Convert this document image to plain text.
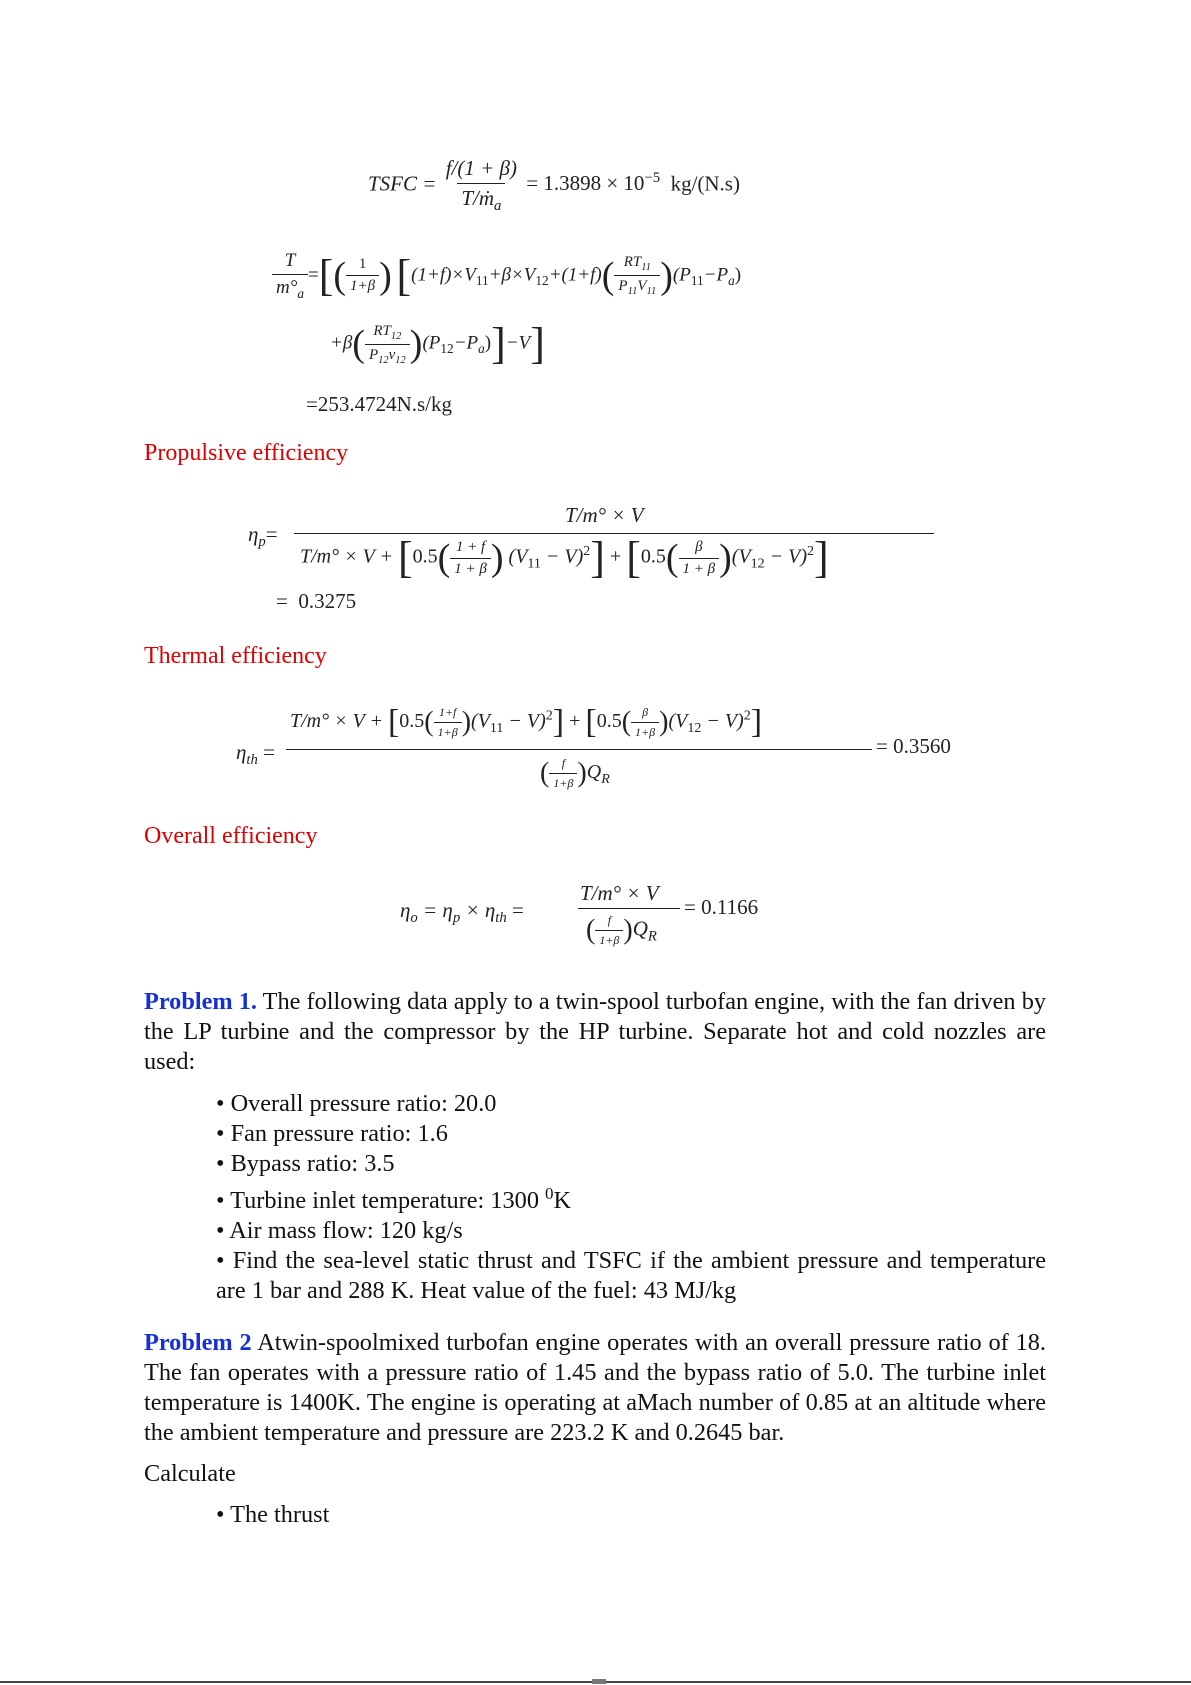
TSFC = $\frac{f/(1 + \beta)}{T/ṁ_a} = 1.3898 \times 10^{-5}$ kg/(N.s)
$\frac{T}{m^\circ_a}$ =[( $\frac{1}{1+\beta}$ ) [$(1+f)\times V_{11}+\beta\times V_{12}+(1+f)( \frac{RT_{11}}{P_{11}V_{11}} )(P_{11}-P_a)$
$+\beta( \frac{RT_{12}}{P_{12}v_{12}} )(P_{12}-P_a)]-V$]
=253.4724N.s/kg
Propulsive efficiency
$\eta_p=$
T/m° × V
$T/m^\circ \times V + [0.5( \frac{1 + f}{1 + \beta}$ ) $(V_{11} - V)^2] + [0.5( \frac{\beta}{1 + \beta} )(V_{12} - V)^2]$
= 0.3275
Thermal efficiency
$\eta_{th}$ =
$T/m^\circ \times V + [0.5( \frac{1+f}{1+\beta} )(V_{11} - V)^2] + [0.5( \frac{\beta}{1+\beta} )(V_{12} - V)^2]$
( $\frac{f}{1+\beta} )Q_R$
= 0.3560
Overall efficiency
$\eta_o = \eta_p \times \eta_{th}$ =
T/m° × V
( $\frac{f}{1+\beta} )Q_R$
= 0.1166
Problem 1. The following data apply to a twin-spool turbofan engine, with the fan driven by the LP turbine and the compressor by the HP turbine. Separate hot and cold nozzles are used:
• Overall pressure ratio: 20.0
• Fan pressure ratio: 1.6
• Bypass ratio: 3.5
• Turbine inlet temperature: 1300 $^0$K
• Air mass flow: 120 kg/s
• Find the sea-level static thrust and TSFC if the ambient pressure and temperature are 1 bar and 288 K. Heat value of the fuel: 43 MJ/kg
Problem 2 Atwin-spoolmixed turbofan engine operates with an overall pressure ratio of 18. The fan operates with a pressure ratio of 1.45 and the bypass ratio of 5.0. The turbine inlet temperature is 1400K. The engine is operating at aMach number of 0.85 at an altitude where the ambient temperature and pressure are 223.2 K and 0.2645 bar.
Calculate
• The thrust
